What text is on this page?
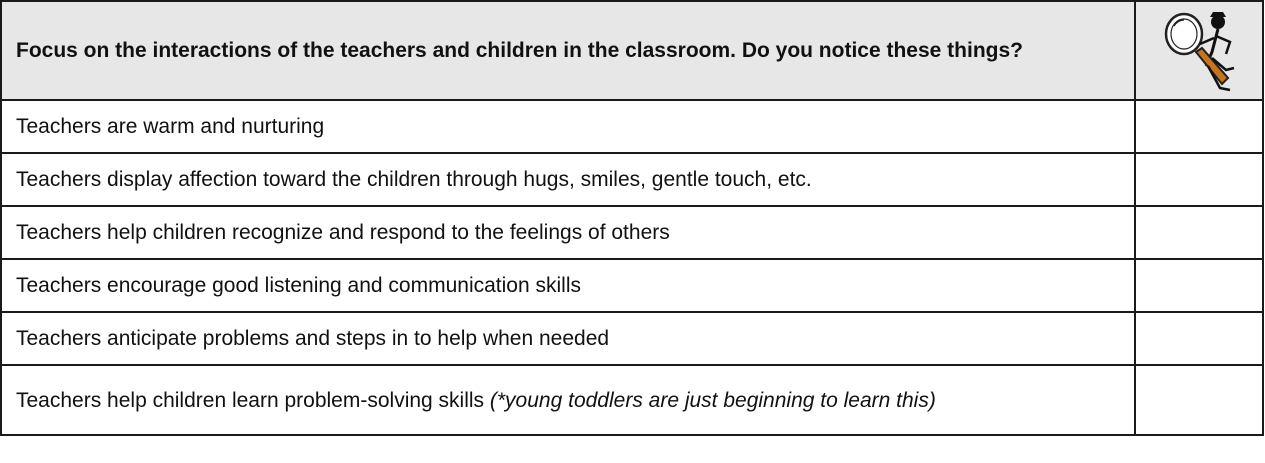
Focus on the interactions of the teachers and children in the classroom. Do you notice these things?	

Teachers are warm and nurturing	
Teachers display affection toward the children through hugs, smiles, gentle touch, etc.	
Teachers help children recognize and respond to the feelings of others	
Teachers encourage good listening and communication skills	
Teachers anticipate problems and steps in to help when needed	
Teachers help children learn problem-solving skills (*young toddlers are just beginning to learn this)	
